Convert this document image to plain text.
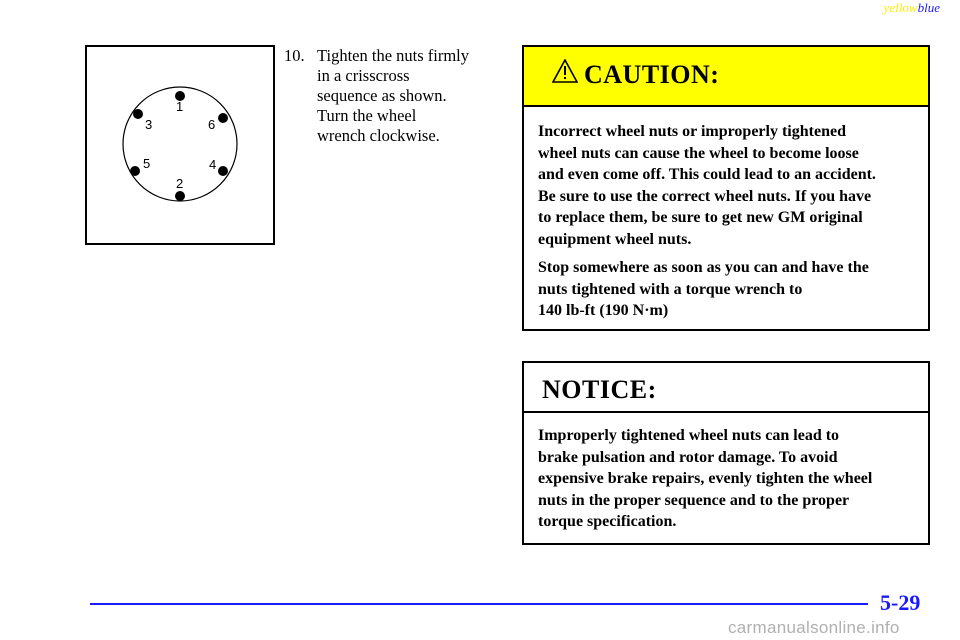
yellowblue
1
6
4
2
5
3
10. Tighten the nuts firmly
in a crisscross
sequence as shown.
Turn the wheel
wrench clockwise.
CAUTION:

Incorrect wheel nuts or improperly tightened
wheel nuts can cause the wheel to become loose
and even come off. This could lead to an accident.
Be sure to use the correct wheel nuts. If you have
to replace them, be sure to get new GM original
equipment wheel nuts.

Stop somewhere as soon as you can and have the
nuts tightened with a torque wrench to
140 lb-ft (190 N·m)

NOTICE:

Improperly tightened wheel nuts can lead to
brake pulsation and rotor damage. To avoid
expensive brake repairs, evenly tighten the wheel
nuts in the proper sequence and to the proper
torque specification.

5-29
carmanualsonline.info
